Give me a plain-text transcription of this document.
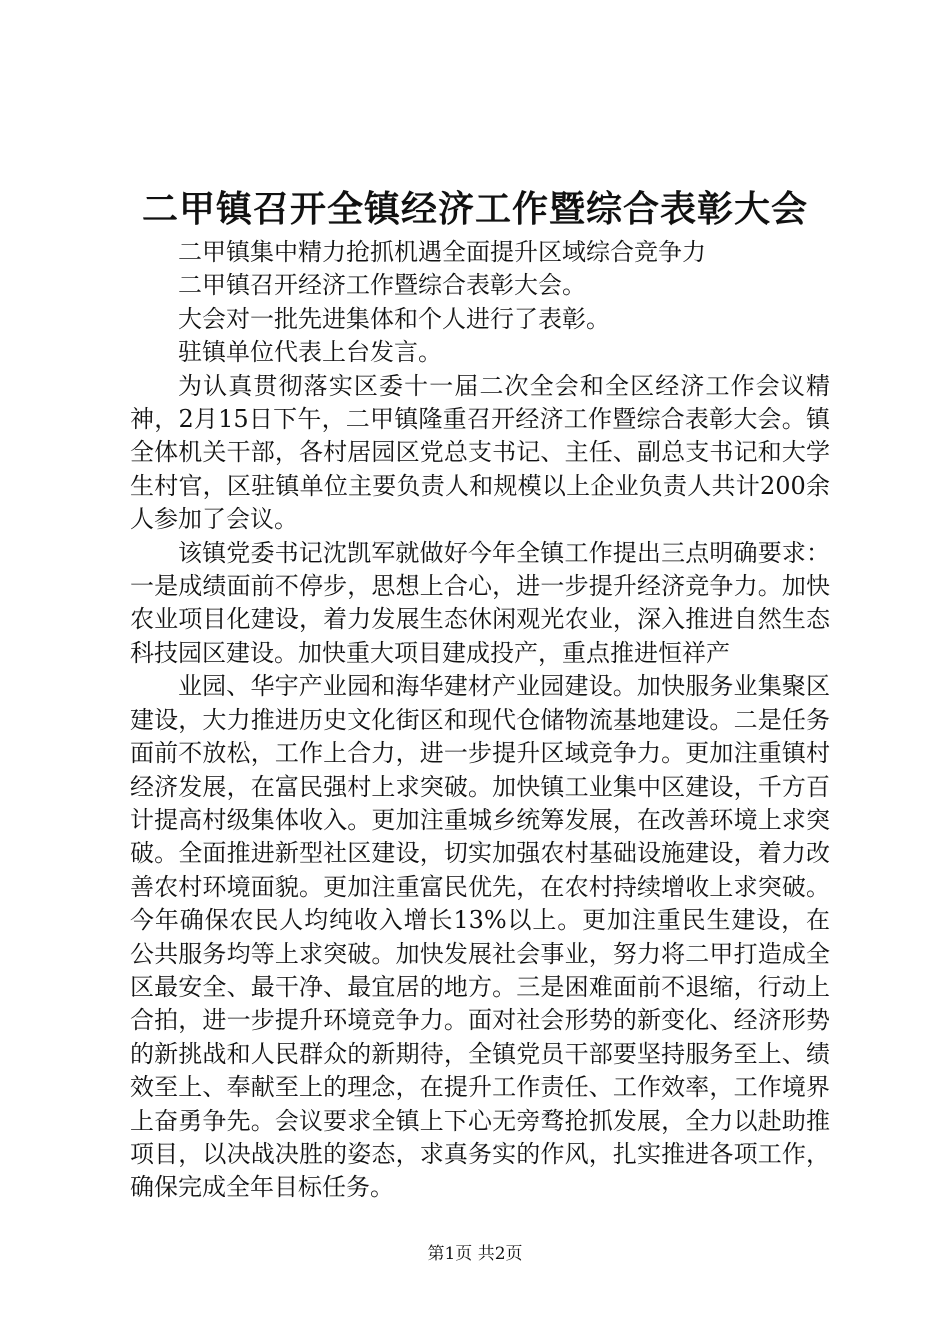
二甲镇召开全镇经济工作暨综合表彰大会

二甲镇集中精力抢抓机遇全面提升区域综合竞争力

二甲镇召开经济工作暨综合表彰大会。

大会对一批先进集体和个人进行了表彰。

驻镇单位代表上台发言。

为认真贯彻落实区委十一届二次全会和全区经济工作会议精神，2月15日下午，二甲镇隆重召开经济工作暨综合表彰大会。镇全体机关干部，各村居园区党总支书记、主任、副总支书记和大学生村官，区驻镇单位主要负责人和规模以上企业负责人共计200余人参加了会议。

该镇党委书记沈凯军就做好今年全镇工作提出三点明确要求：一是成绩面前不停步，思想上合心，进一步提升经济竞争力。加快农业项目化建设，着力发展生态休闲观光农业，深入推进自然生态科技园区建设。加快重大项目建成投产，重点推进恒祥产

业园、华宇产业园和海华建材产业园建设。加快服务业集聚区建设，大力推进历史文化街区和现代仓储物流基地建设。二是任务面前不放松，工作上合力，进一步提升区域竞争力。更加注重镇村经济发展，在富民强村上求突破。加快镇工业集中区建设，千方百计提高村级集体收入。更加注重城乡统筹发展，在改善环境上求突破。全面推进新型社区建设，切实加强农村基础设施建设，着力改善农村环境面貌。更加注重富民优先，在农村持续增收上求突破。今年确保农民人均纯收入增长13%以上。更加注重民生建设，在公共服务均等上求突破。加快发展社会事业，努力将二甲打造成全区最安全、最干净、最宜居的地方。三是困难面前不退缩，行动上合拍，进一步提升环境竞争力。面对社会形势的新变化、经济形势的新挑战和人民群众的新期待，全镇党员干部要坚持服务至上、绩效至上、奉献至上的理念，在提升工作责任、工作效率，工作境界上奋勇争先。会议要求全镇上下心无旁骛抢抓发展，全力以赴助推项目，以决战决胜的姿态，求真务实的作风，扎实推进各项工作，确保完成全年目标任务。

第1页 共2页
